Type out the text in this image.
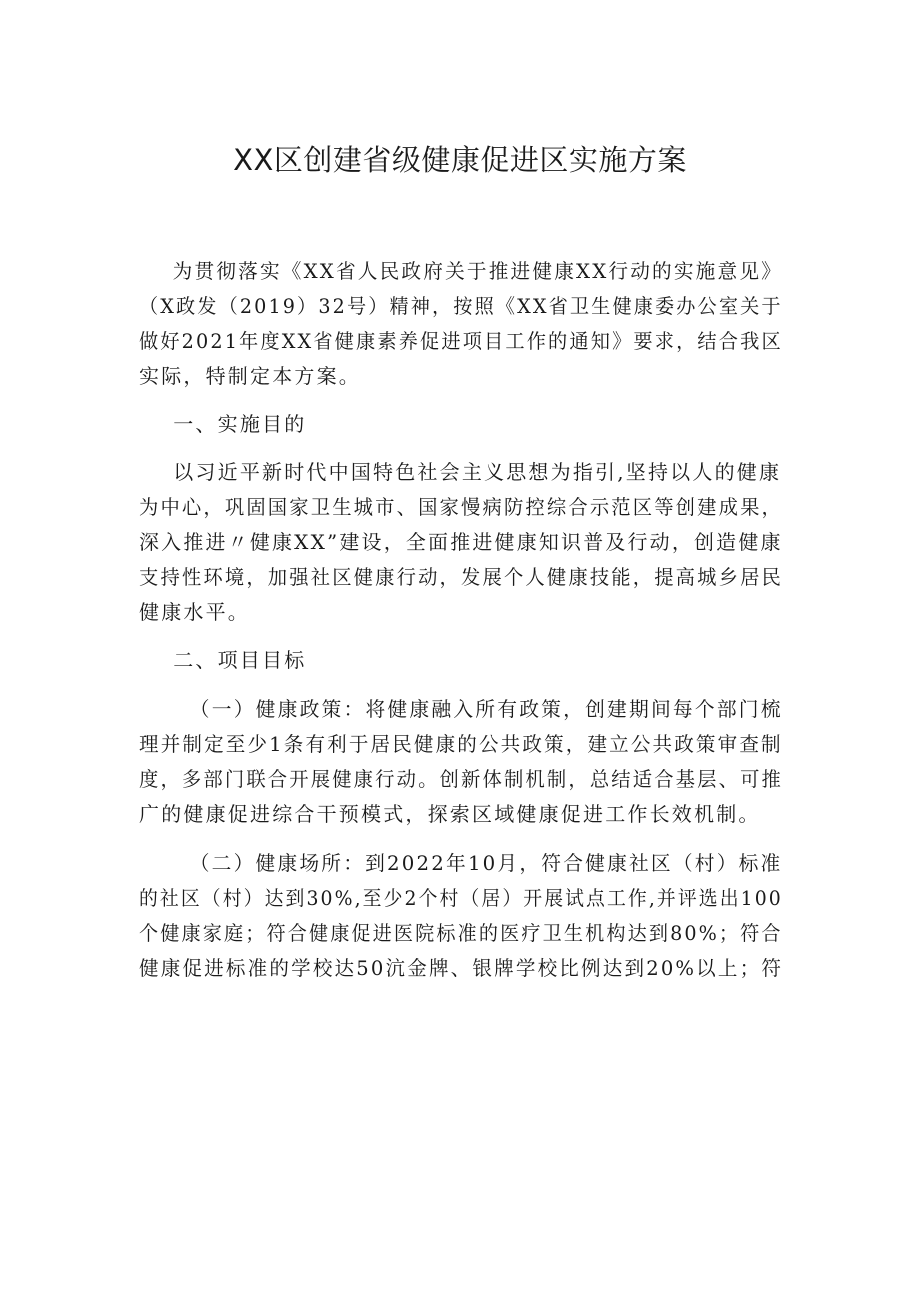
XX区创建省级健康促进区实施方案

为贯彻落实《XX省人民政府关于推进健康XX行动的实施意见》
（X政发（2019）32号）精神，按照《XX省卫生健康委办公室关于
做好2021年度XX省健康素养促进项目工作的通知》要求，结合我区
实际，特制定本方案。

一、实施目的

以习近平新时代中国特色社会主义思想为指引,坚持以人的健康
为中心，巩固国家卫生城市、国家慢病防控综合示范区等创建成果，
深入推进〃健康XX”建设，全面推进健康知识普及行动，创造健康
支持性环境，加强社区健康行动，发展个人健康技能，提高城乡居民
健康水平。

二、项目目标

（一）健康政策：将健康融入所有政策，创建期间每个部门梳
理并制定至少1条有利于居民健康的公共政策，建立公共政策审查制
度，多部门联合开展健康行动。创新体制机制，总结适合基层、可推
广的健康促进综合干预模式，探索区域健康促进工作长效机制。

（二）健康场所：到2022年10月，符合健康社区（村）标准
的社区（村）达到30%,至少2个村（居）开展试点工作,并评选出100
个健康家庭；符合健康促进医院标准的医疗卫生机构达到80%；符合
健康促进标准的学校达50沆金牌、银牌学校比例达到20%以上；符
